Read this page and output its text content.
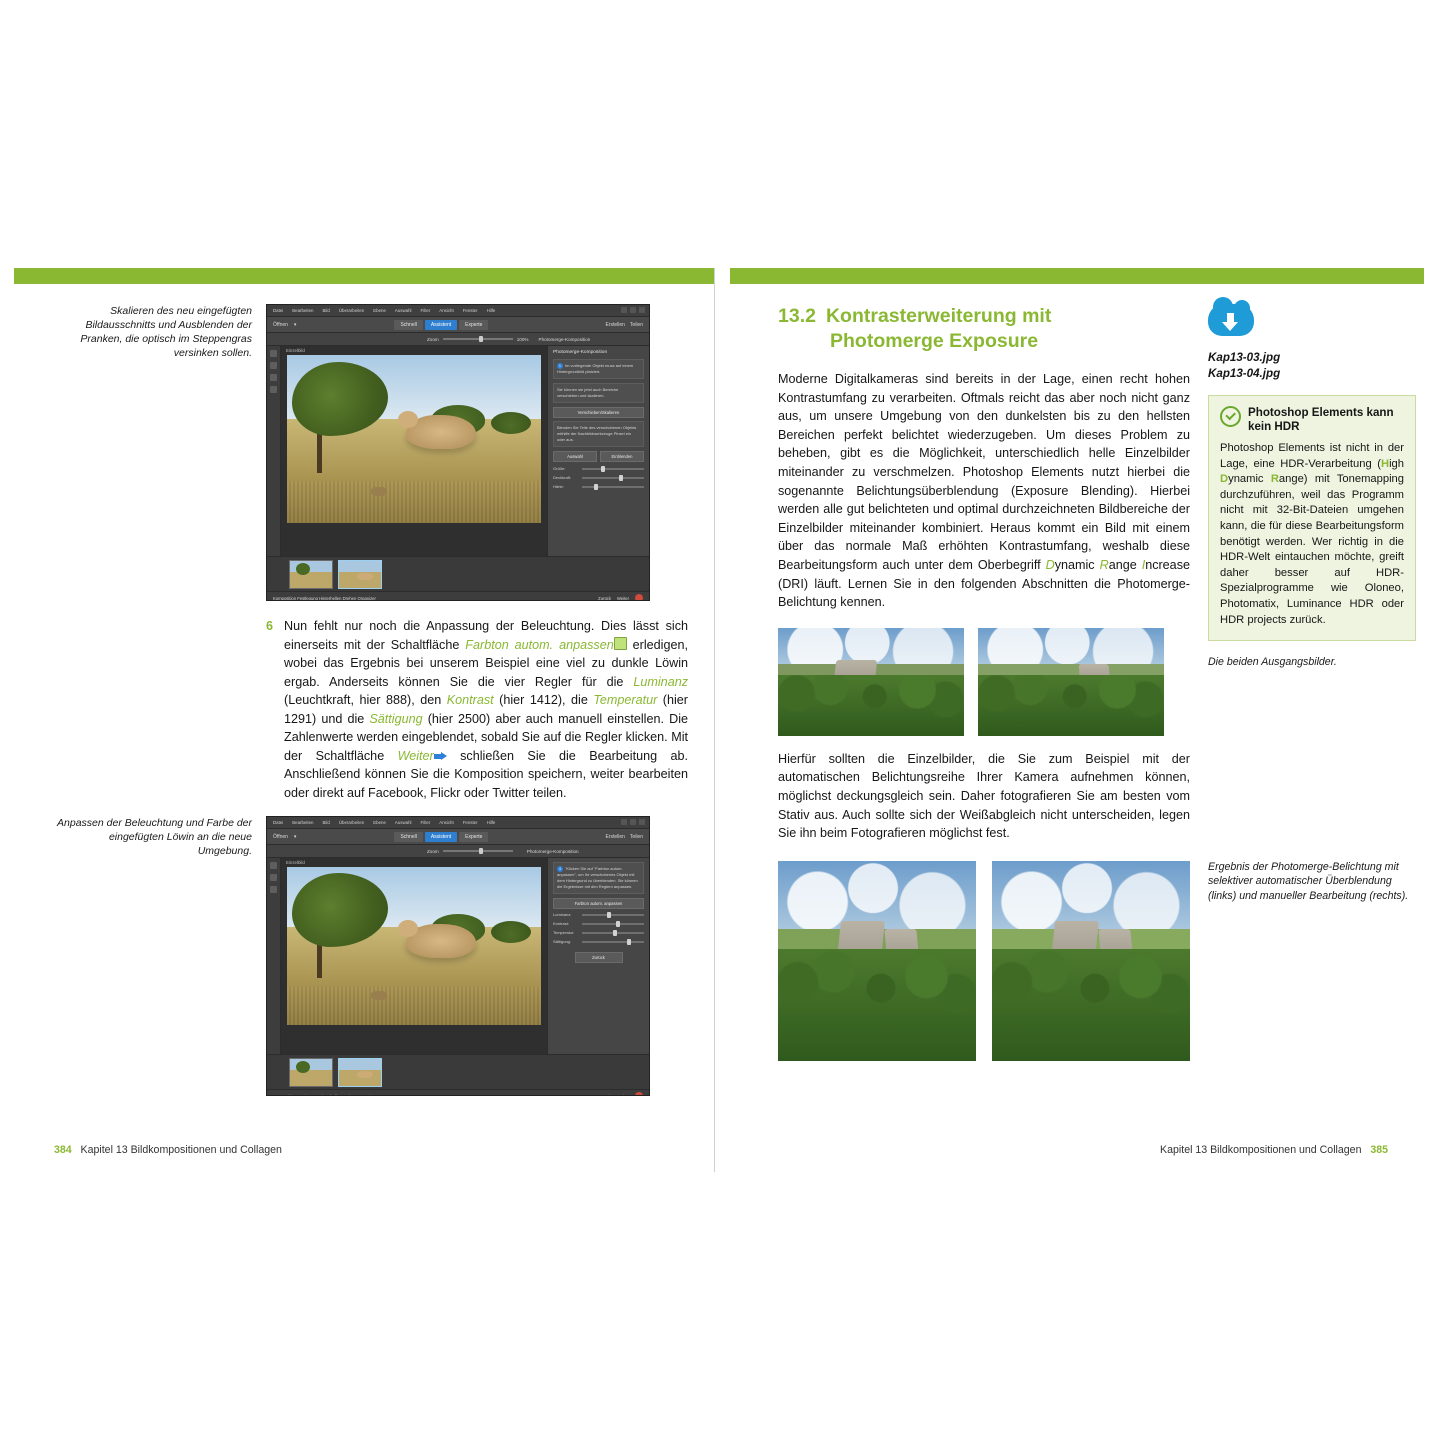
Skalieren des neu eingefügten Bildausschnitts und Ausblenden der Pranken, die optisch im Steppengras versinken sollen.
Datei Bearbeiten Bild Überarbeiten Ebene Auswahl Filter Ansicht Fenster Hilfe
Öffnen ▾	Schnell	Assistent	Experte	Erstellen Teilen
Zoom	100% Photomerge-Komposition
Einzelbild	Photomerge-Komposition
1 Im vorliegende Objekt muss auf einem Hintergrundbild platziert.
Sie können sie jetzt auch Bereiche verschieben und skalieren.
Verschieben/Skalieren
Blenden Sie Teile des verschobenen Objekts mithilfe der Nachbildwerkzeuge Pinsel ein oder aus.
Auswahl	Einblenden
Größe:
Deckkraft:
Härte:
Komposition Festlegung Hinterhellen Drehen Organizer	Zurück Weiter
6 Nun fehlt nur noch die Anpassung der Beleuchtung. Dies lässt sich einerseits mit der Schaltfläche Farbton autom. anpassen erledigen, wobei das Ergebnis bei unserem Beispiel eine viel zu dunkle Löwin ergab. Anderseits können Sie die vier Regler für die Luminanz (Leuchtkraft, hier 888), den Kontrast (hier 1412), die Temperatur (hier 1291) und die Sättigung (hier 2500) aber auch manuell einstellen. Die Zahlenwerte werden eingeblendet, sobald Sie auf die Regler klicken. Mit der Schaltfläche Weiter schließen Sie die Bearbeitung ab. Anschließend können Sie die Komposition speichern, weiter bearbeiten oder direkt auf Facebook, Flickr oder Twitter teilen.
Anpassen der Beleuchtung und Farbe der eingefügten Löwin an die neue Umgebung.
Datei Bearbeiten Bild Überarbeiten Ebene Auswahl Filter Ansicht Fenster Hilfe
Öffnen ▾	Schnell	Assistent	Experte	Erstellen Teilen
Zoom	Photomerge-Komposition
Einzelbild
4 "Klicken Sie auf "Farbton autom. anpassen", um Ihr verschobenes Objekt mit dem Hintergrund zu überblenden. Sie können die Ergebnisse mit den Reglern anpassen.
Farbton autom. anpassen
Luminanz:
Kontrast:
Temperatur:
Sättigung:
Zurück
Komposition Festlegung Hinterhellen Drehen Organizer	Zurück Weiter
384 Kapitel 13 Bildkompositionen und Collagen
13.2 Kontrasterweiterung mit
Photomerge Exposure

Moderne Digitalkameras sind bereits in der Lage, einen recht hohen Kontrastumfang zu verarbeiten. Oftmals reicht das aber noch nicht ganz aus, um unsere Umgebung von den dunkelsten bis zu den hellsten Bereichen perfekt belichtet wiederzugeben. Um dieses Problem zu beheben, gibt es die Möglichkeit, unterschiedlich helle Einzelbilder miteinander zu verschmelzen. Photoshop Elements nutzt hierbei die sogenannte Belichtungsüberblendung (Exposure Blending). Hierbei werden alle gut belichteten und optimal durchzeichneten Bildbereiche der Einzelbilder miteinander kombiniert. Heraus kommt ein Bild mit einem über das normale Maß erhöhten Kontrastumfang, weshalb diese Bearbeitungsform auch unter dem Oberbegriff Dynamic Range Increase (DRI) läuft. Lernen Sie in den folgenden Abschnitten die Photomerge-Belichtung kennen.

Hierfür sollten die Einzelbilder, die Sie zum Beispiel mit der automatischen Belichtungsreihe Ihrer Kamera aufnehmen können, möglichst deckungsgleich sein. Daher fotografieren Sie am besten vom Stativ aus. Auch sollte sich der Weißabgleich nicht unterscheiden, legen Sie ihn beim Fotografieren möglichst fest.

Kap13-03.jpg
Kap13-04.jpg
Photoshop Elements kann
kein HDR
Photoshop Elements ist nicht in der Lage, eine HDR-Verarbeitung (High Dynamic Range) mit Tonemapping durchzuführen, weil das Programm nicht mit 32-Bit-Dateien umgehen kann, die für diese Bearbeitungsform benötigt werden. Wer richtig in die HDR-Welt eintauchen möchte, greift daher besser auf HDR-Spezialprogramme wie Oloneo, Photomatix, Luminance HDR oder HDR projects zurück.
Die beiden Ausgangsbilder.
Ergebnis der Photomerge-Belichtung mit selektiver automatischer Überblendung (links) und manueller Bearbeitung (rechts).
Kapitel 13 Bildkompositionen und Collagen 385
